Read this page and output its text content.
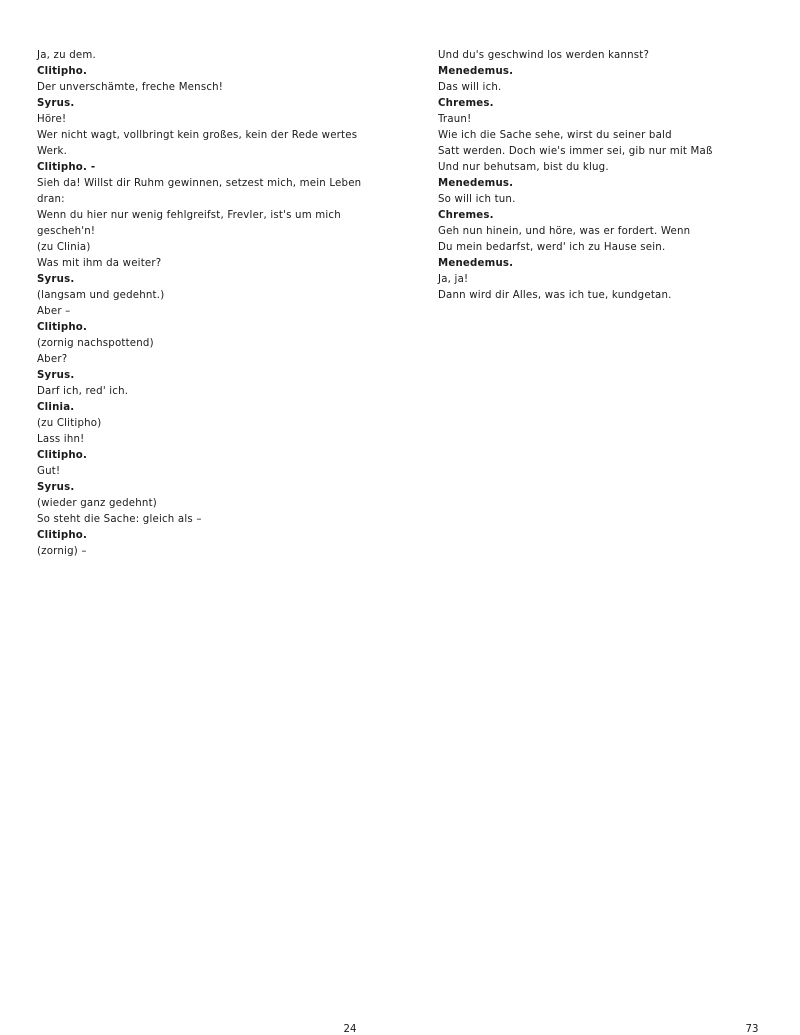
Ja, zu dem.
Clitipho.
Der unverschämte, freche Mensch!
Syrus.
Höre!
Wer nicht wagt, vollbringt kein großes, kein der Rede wertes
Werk.
Clitipho. -
Sieh da! Willst dir Ruhm gewinnen, setzest mich, mein Leben
dran:
Wenn du hier nur wenig fehlgreifst, Frevler, ist's um mich
gescheh'n!
(zu Clinia)
Was mit ihm da weiter?
Syrus.
(langsam und gedehnt.)
Aber –
Clitipho.
(zornig nachspottend)
Aber?
Syrus.
Darf ich, red' ich.
Clinia.
(zu Clitipho)
Lass ihn!
Clitipho.
Gut!
Syrus.
(wieder ganz gedehnt)
So steht die Sache: gleich als –
Clitipho.
(zornig) –
Und du's geschwind los werden kannst?
Menedemus.
Das will ich.
Chremes.
Traun!
Wie ich die Sache sehe, wirst du seiner bald
Satt werden. Doch wie's immer sei, gib nur mit Maß
Und nur behutsam, bist du klug.
Menedemus.
So will ich tun.
Chremes.
Geh nun hinein, und höre, was er fordert. Wenn
Du mein bedarfst, werd' ich zu Hause sein.
Menedemus.
Ja, ja!
Dann wird dir Alles, was ich tue, kundgetan.
24	73
